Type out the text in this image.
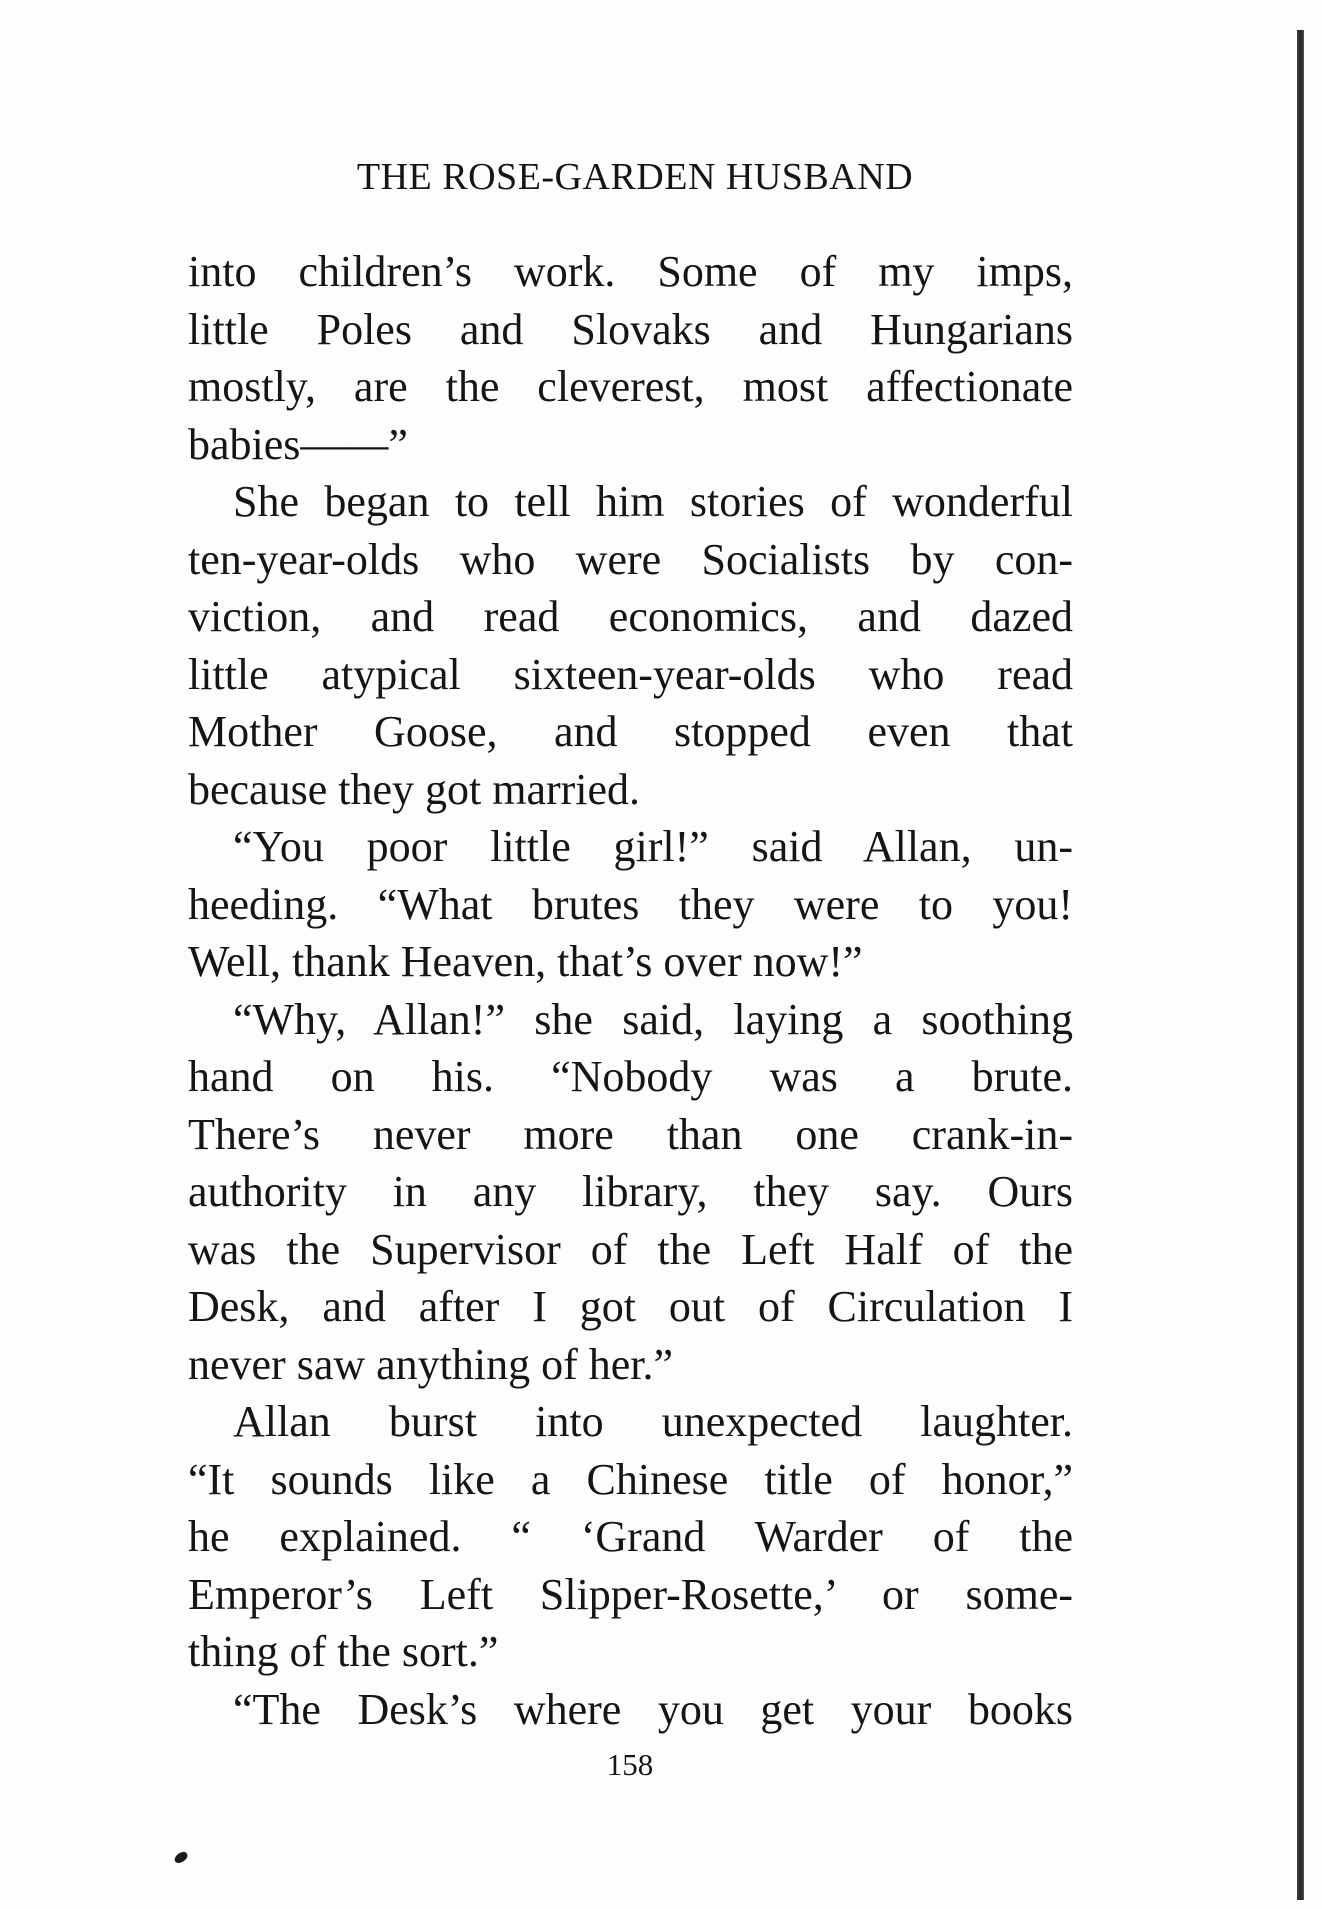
THE ROSE-GARDEN HUSBAND
into children’s work. Some of my imps,
little Poles and Slovaks and Hungarians
mostly, are the cleverest, most affectionate
babies——”
She began to tell him stories of wonderful
ten-year-olds who were Socialists by con-
viction, and read economics, and dazed
little atypical sixteen-year-olds who read
Mother Goose, and stopped even that
because they got married.
“You poor little girl!” said Allan, un-
heeding. “What brutes they were to you!
Well, thank Heaven, that’s over now!”
“Why, Allan!” she said, laying a soothing
hand on his. “Nobody was a brute.
There’s never more than one crank-in-
authority in any library, they say. Ours
was the Supervisor of the Left Half of the
Desk, and after I got out of Circulation I
never saw anything of her.”
Allan burst into unexpected laughter.
“It sounds like a Chinese title of honor,”
he explained. “ ‘Grand Warder of the
Emperor’s Left Slipper-Rosette,’ or some-
thing of the sort.”
“The Desk’s where you get your books
158
